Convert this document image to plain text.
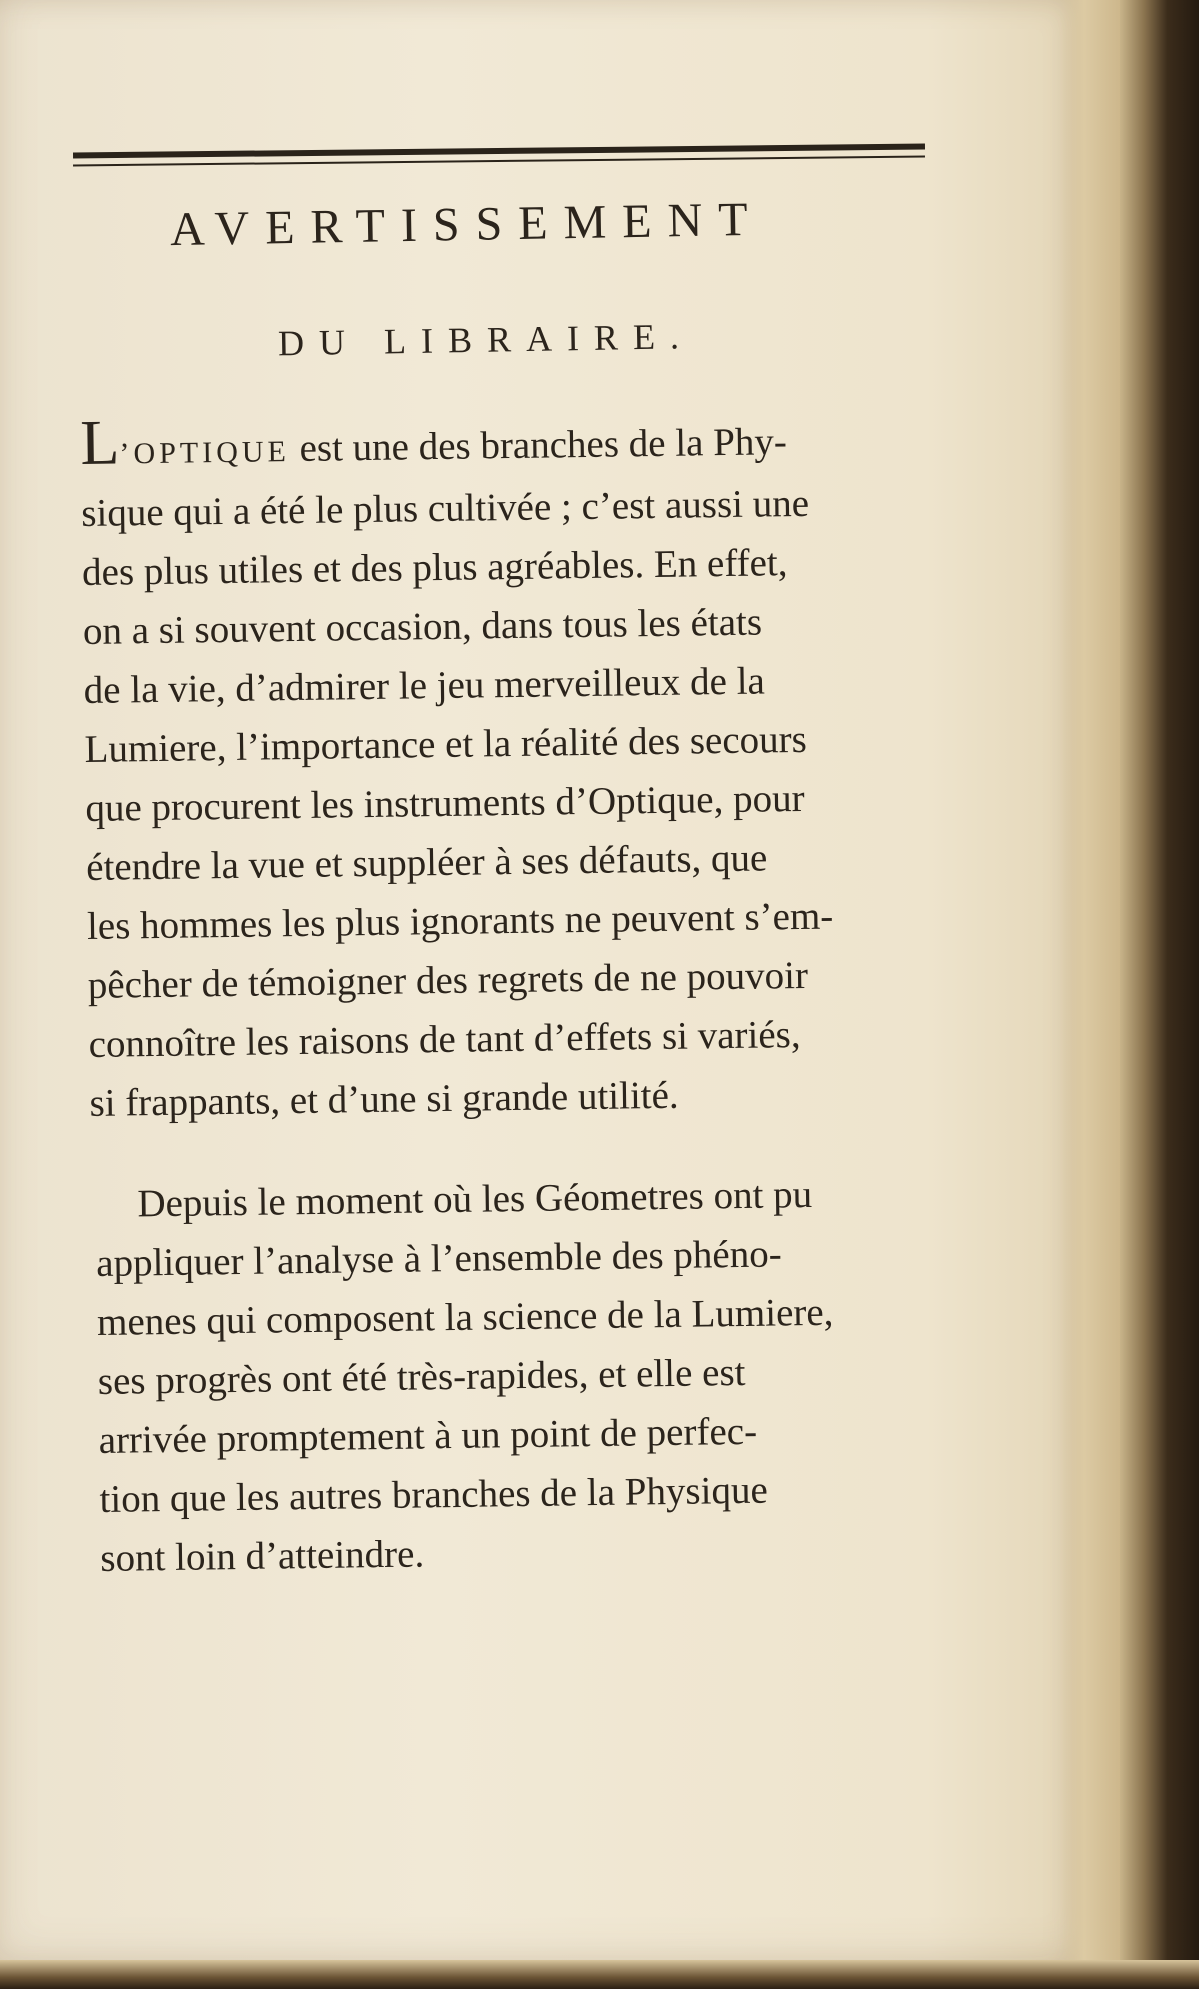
AVERTISSEMENT
DU LIBRAIRE.
L’OPTIQUE est une des branches de la Phy-
sique qui a été le plus cultivée ; c’est aussi une
des plus utiles et des plus agréables. En effet,
on a si souvent occasion, dans tous les états
de la vie, d’admirer le jeu merveilleux de la
Lumiere, l’importance et la réalité des secours
que procurent les instruments d’Optique, pour
étendre la vue et suppléer à ses défauts, que
les hommes les plus ignorants ne peuvent s’em-
pêcher de témoigner des regrets de ne pouvoir
connoître les raisons de tant d’effets si variés,
si frappants, et d’une si grande utilité.
Depuis le moment où les Géometres ont pu
appliquer l’analyse à l’ensemble des phéno-
menes qui composent la science de la Lumiere,
ses progrès ont été très-rapides, et elle est
arrivée promptement à un point de perfec-
tion que les autres branches de la Physique
sont loin d’atteindre.
